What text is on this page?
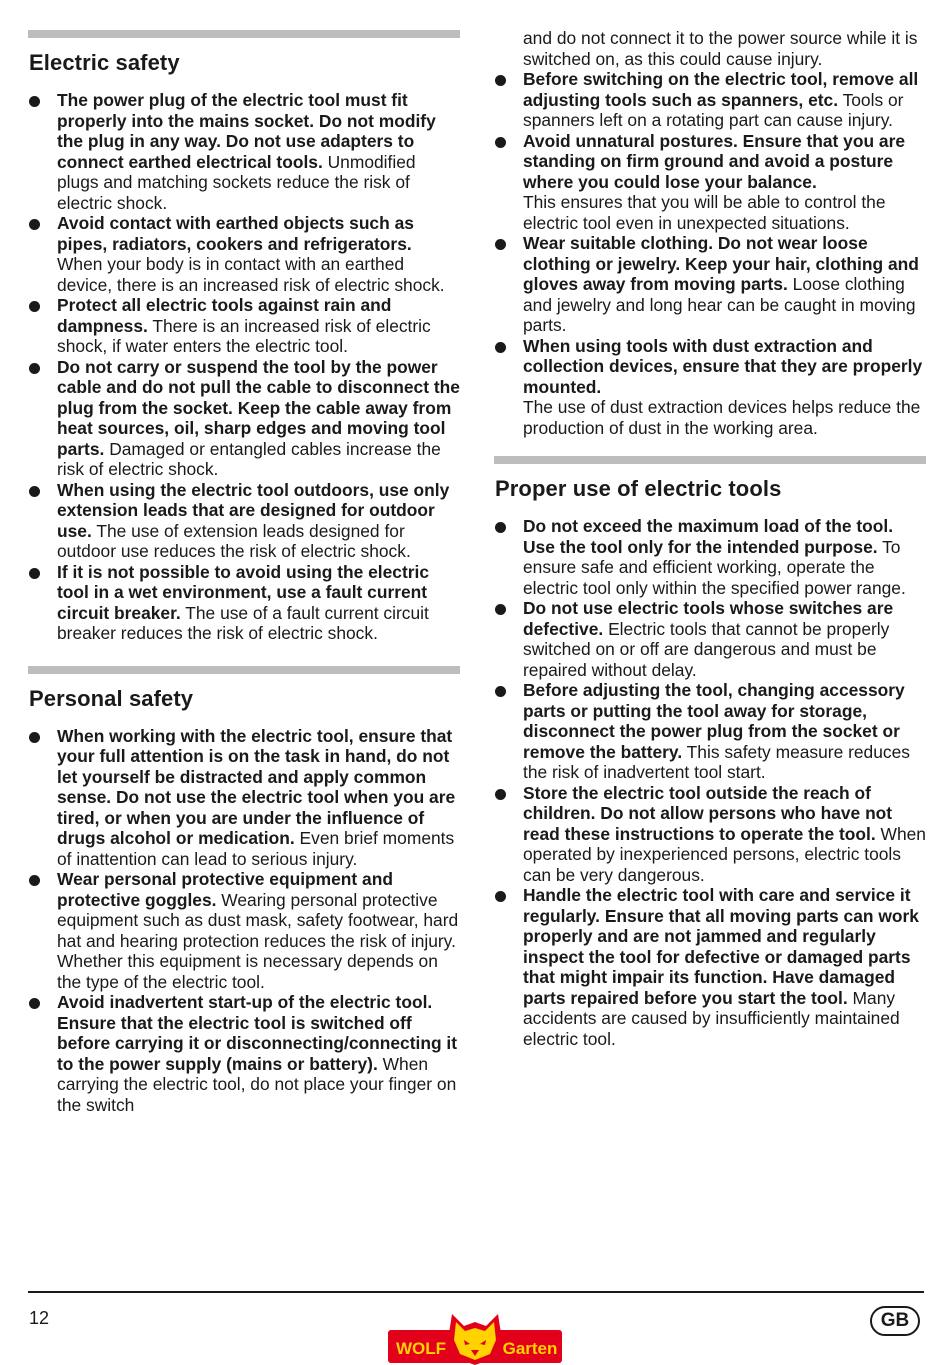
Electric safety
The power plug of the electric tool must fit properly into the mains socket. Do not modify the plug in any way. Do not use adapters to connect earthed electrical tools. Unmodified plugs and matching sockets reduce the risk of electric shock.
Avoid contact with earthed objects such as pipes, radiators, cookers and refrigerators. When your body is in contact with an earthed device, there is an increased risk of electric shock.
Protect all electric tools against rain and dampness. There is an increased risk of electric shock, if water enters the electric tool.
Do not carry or suspend the tool by the power cable and do not pull the cable to disconnect the plug from the socket. Keep the cable away from heat sources, oil, sharp edges and moving tool parts. Damaged or entangled cables increase the risk of electric shock.
When using the electric tool outdoors, use only extension leads that are designed for outdoor use. The use of extension leads designed for outdoor use reduces the risk of electric shock.
If it is not possible to avoid using the electric tool in a wet environment, use a fault current circuit breaker. The use of a fault current circuit breaker reduces the risk of electric shock.
Personal safety
When working with the electric tool, ensure that your full attention is on the task in hand, do not let yourself be distracted and apply common sense. Do not use the electric tool when you are tired, or when you are under the influence of drugs alcohol or medication. Even brief moments of inattention can lead to serious injury.
Wear personal protective equipment and protective goggles. Wearing personal protective equipment such as dust mask, safety footwear, hard hat and hearing protection reduces the risk of injury. Whether this equipment is necessary depends on the type of the electric tool.
Avoid inadvertent start-up of the electric tool. Ensure that the electric tool is switched off before carrying it or disconnecting/connecting it to the power supply (mains or battery). When carrying the electric tool, do not place your finger on the switch

and do not connect it to the power source while it is switched on, as this could cause injury.

Before switching on the electric tool, remove all adjusting tools such as spanners, etc. Tools or spanners left on a rotating part can cause injury.
Avoid unnatural postures. Ensure that you are standing on firm ground and avoid a posture where you could lose your balance.
This ensures that you will be able to control the electric tool even in unexpected situations.
Wear suitable clothing. Do not wear loose clothing or jewelry. Keep your hair, clothing and gloves away from moving parts. Loose clothing and jewelry and long hear can be caught in moving parts.
When using tools with dust extraction and collection devices, ensure that they are properly mounted.
The use of dust extraction devices helps reduce the production of dust in the working area.
Proper use of electric tools
Do not exceed the maximum load of the tool. Use the tool only for the intended purpose. To ensure safe and efficient working, operate the electric tool only within the specified power range.
Do not use electric tools whose switches are defective. Electric tools that cannot be properly switched on or off are dangerous and must be repaired without delay.
Before adjusting the tool, changing accessory parts or putting the tool away for storage, disconnect the power plug from the socket or remove the battery. This safety measure reduces the risk of inadvertent tool start.
Store the electric tool outside the reach of children. Do not allow persons who have not read these instructions to operate the tool. When operated by inexperienced persons, electric tools can be very dangerous.
Handle the electric tool with care and service it regularly. Ensure that all moving parts can work properly and are not jammed and regularly inspect the tool for defective or damaged parts that might impair its function. Have damaged parts repaired before you start the tool. Many accidents are caused by insufficiently maintained electric tool.
12	GB
WOLF	Garten
